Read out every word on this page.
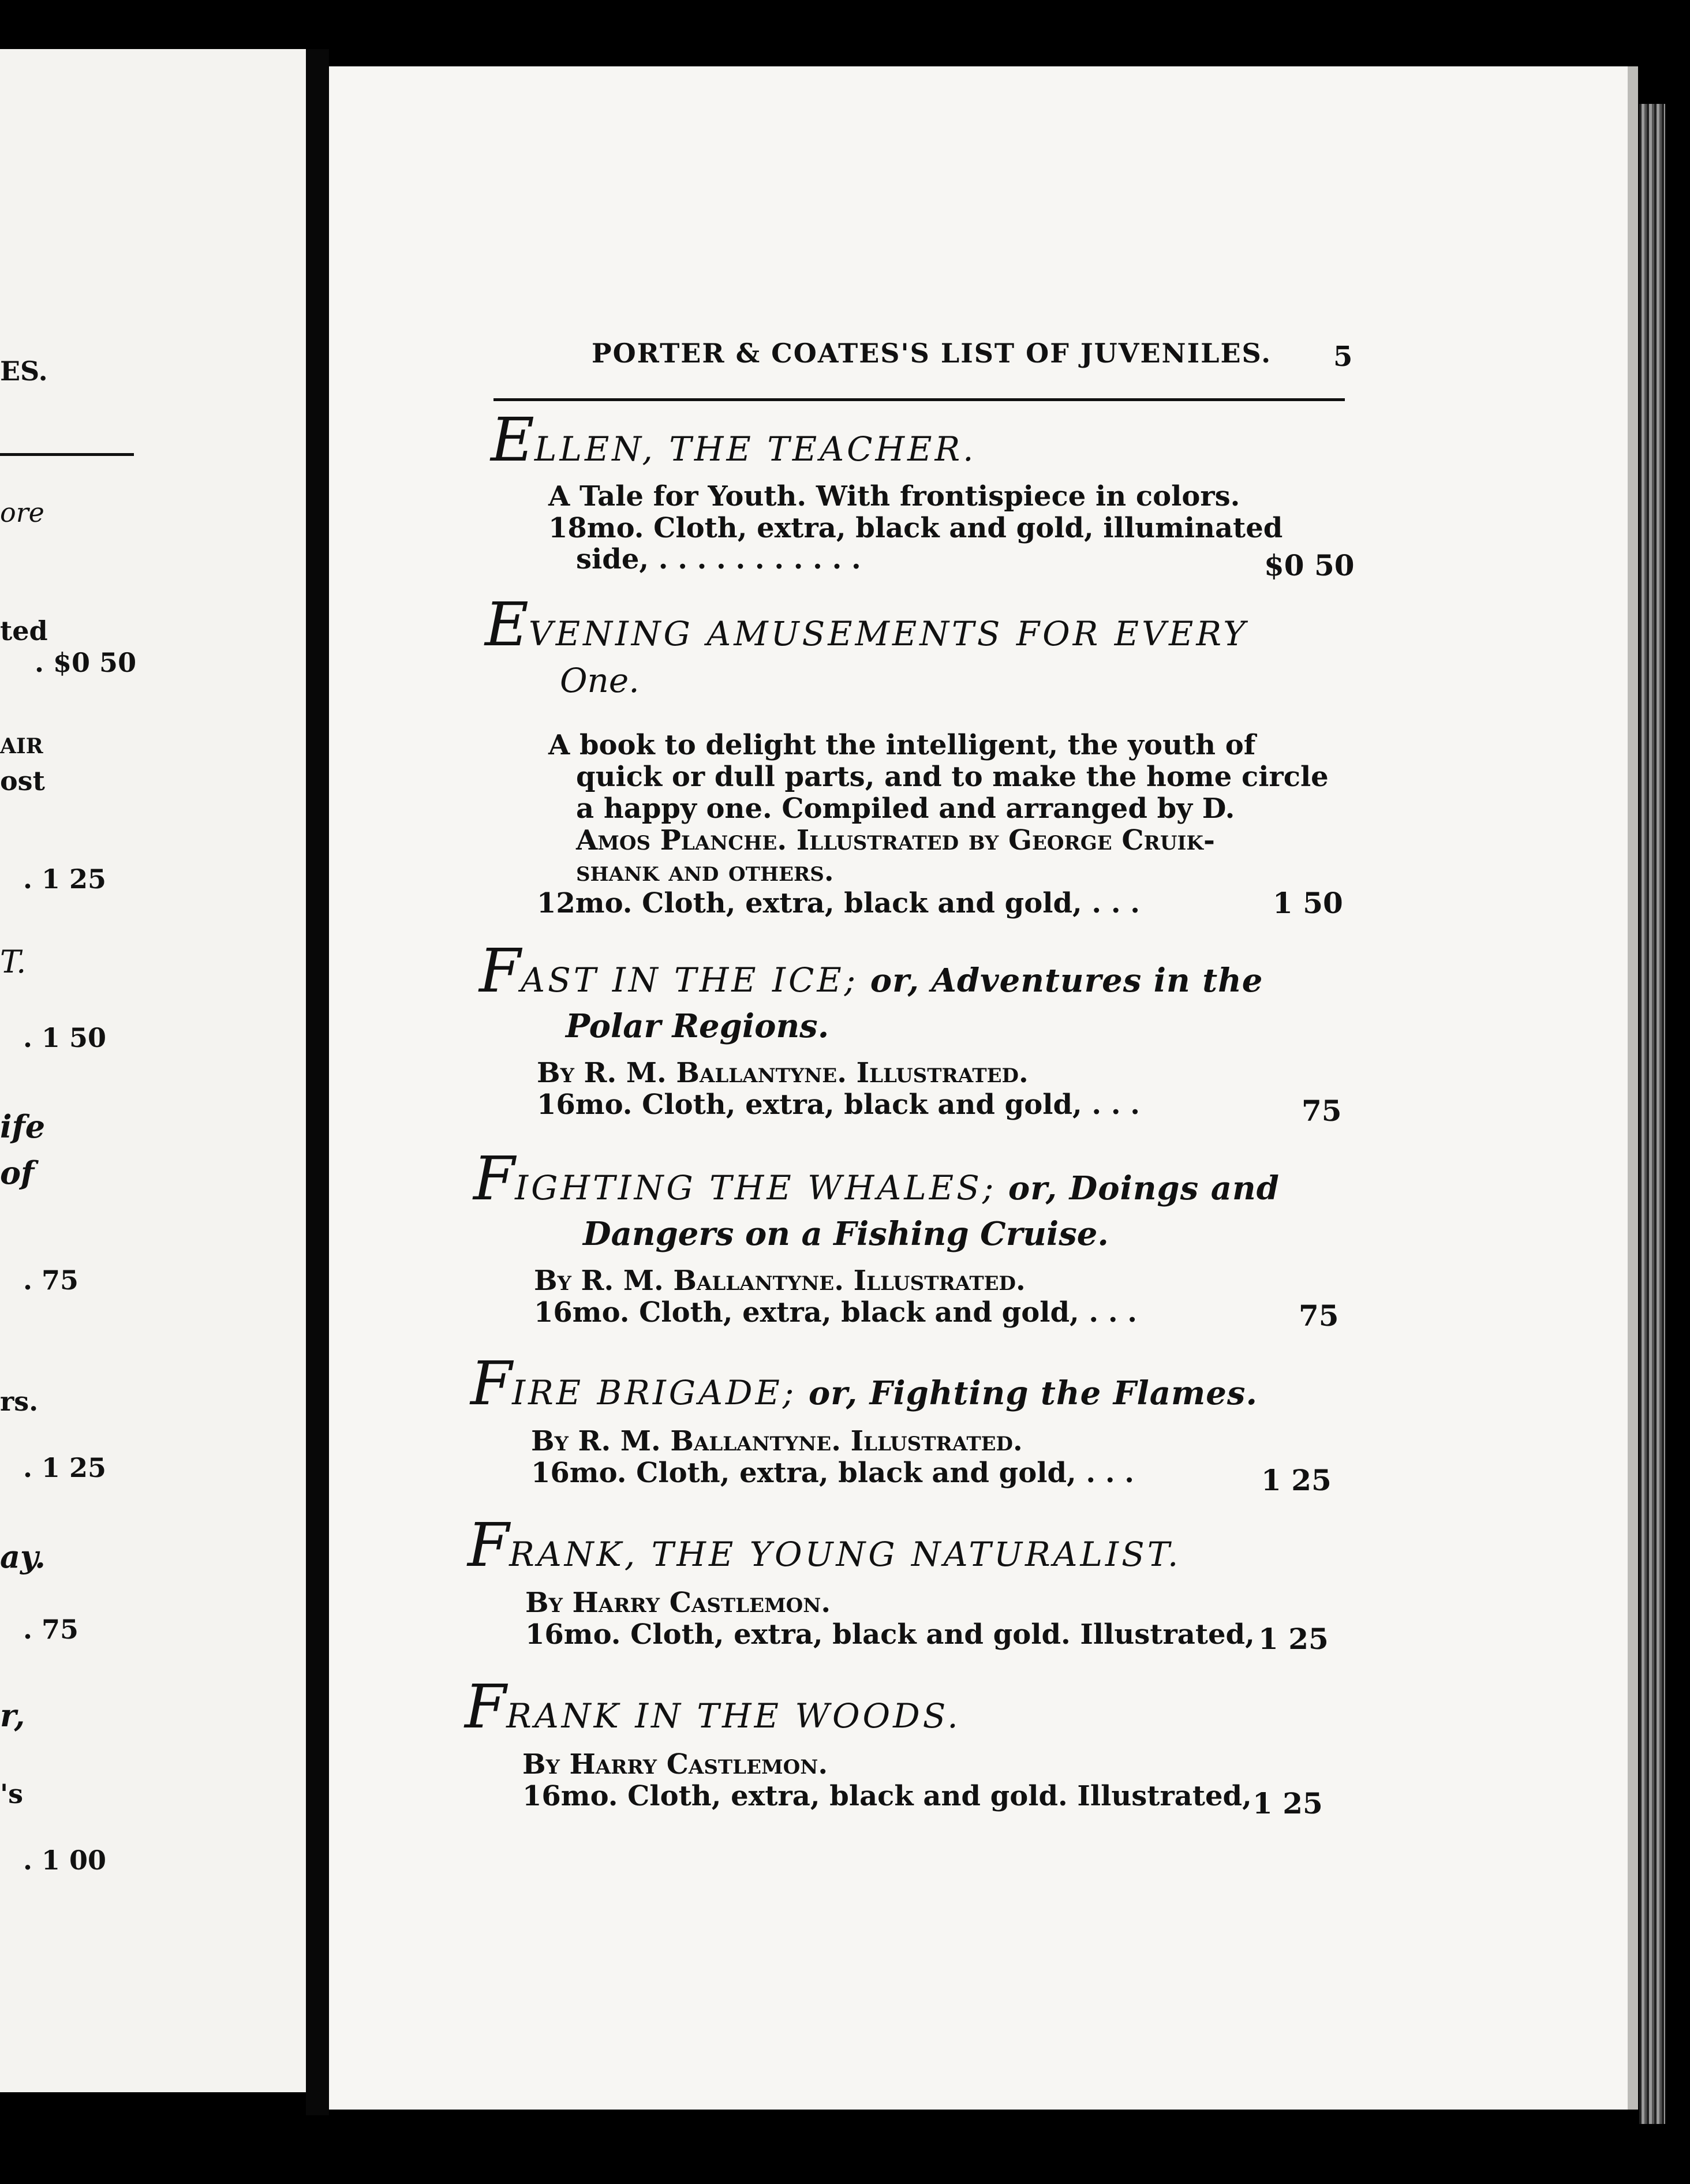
ES.
ore
ted
. $0 50
AIR
ost
. 1 25
T.
. 1 50
ife
of
. 75
rs.
. 1 25
ay.
. 75
r,
's
. 1 00
PORTER & COATES'S LIST OF JUVENILES. 5
ELLEN, THE TEACHER.
A Tale for Youth. With frontispiece in colors.
18mo. Cloth, extra, black and gold, illuminated
side, . . . . . . . . . . .	$0 50
EVENING AMUSEMENTS FOR EVERY
One.
A book to delight the intelligent, the youth of
quick or dull parts, and to make the home circle
a happy one. Compiled and arranged by D.
Amos Planche. Illustrated by George Cruik-
shank and others.
12mo. Cloth, extra, black and gold, . . .	1 50
FAST IN THE ICE; or, Adventures in the
Polar Regions.
By R. M. Ballantyne. Illustrated.
16mo. Cloth, extra, black and gold, . . .	75
FIGHTING THE WHALES; or, Doings and
Dangers on a Fishing Cruise.
By R. M. Ballantyne. Illustrated.
16mo. Cloth, extra, black and gold, . . .	75
FIRE BRIGADE; or, Fighting the Flames.
By R. M. Ballantyne. Illustrated.
16mo. Cloth, extra, black and gold, . . .	1 25
FRANK, THE YOUNG NATURALIST.
By Harry Castlemon.
16mo. Cloth, extra, black and gold. Illustrated, 1 25
FRANK IN THE WOODS.
By Harry Castlemon.
16mo. Cloth, extra, black and gold. Illustrated, 1 25
